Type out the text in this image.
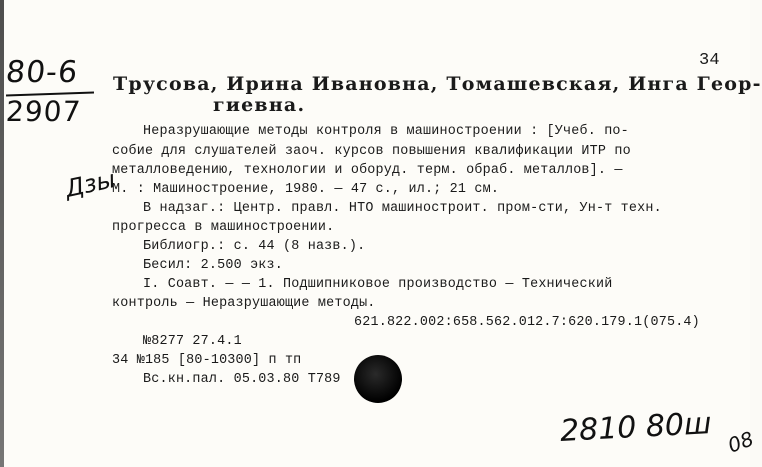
80-6
2907
Дзы
34
Трусова, Ирина Ивановна, Томашевская, Инга Геор-
гиевна.
Неразрушающие методы контроля в машиностроении : [Учеб. по-
собие для слушателей заоч. курсов повышения квалификации ИТР по
металловедению, технологии и оборуд. терм. обраб. металлов]. —
М. : Машиностроение, 1980. — 47 с., ил.; 21 см.
В надзаг.: Центр. правл. НТО машиностроит. пром-сти, Ун-т техн.
прогресса в машиностроении.
Библиогр.: с. 44 (8 назв.).
Бесил: 2.500 экз.
I. Соавт. — — 1. Подшипниковое производство — Технический
контроль — Неразрушающие методы.
621.822.002:658.562.012.7:620.179.1(075.4)
№8277 27.4.1
34 №185 [80-10300] п тп
Вс.кн.пал. 05.03.80 Т789
2810 80ш 08
